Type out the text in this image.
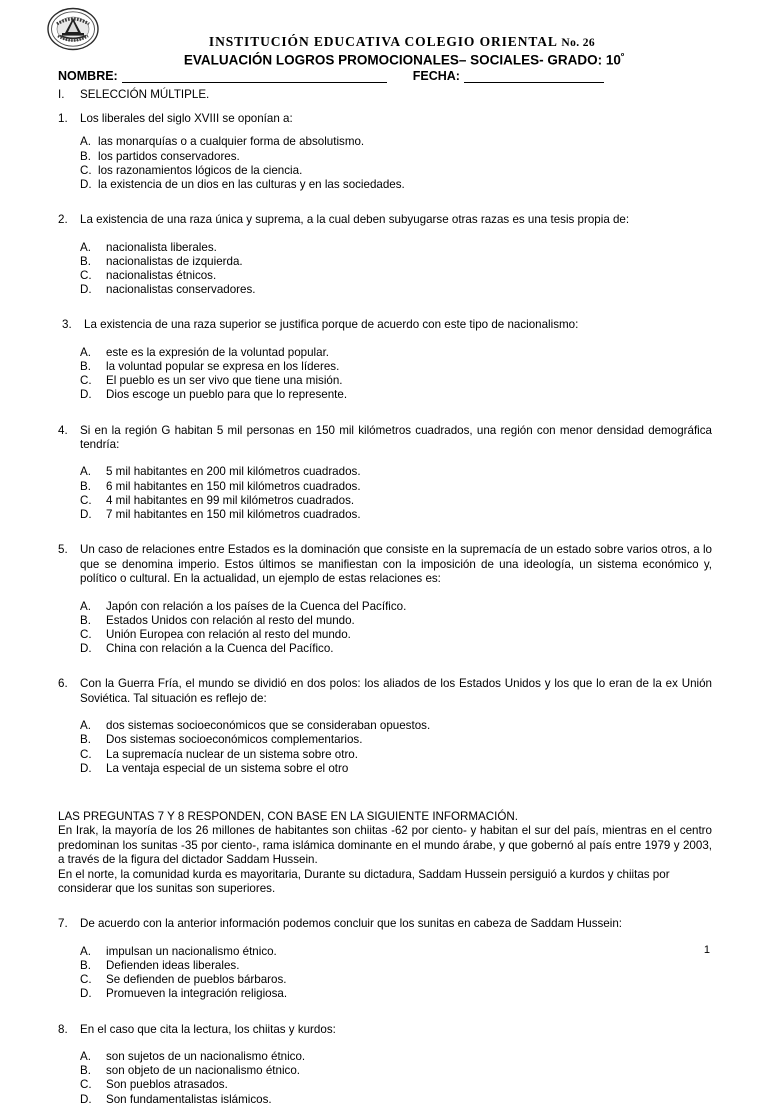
INSTITUCIÓN EDUCATIVA COLEGIO ORIENTAL No. 26
EVALUACIÓN LOGROS PROMOCIONALES– SOCIALES- GRADO: $10^º$
NOMBRE:	FECHA:
I.	SELECCIÓN MÚLTIPLE.
1.	Los liberales del siglo XVIII se oponían a:
A. las monarquías o a cualquier forma de absolutismo.
B. los partidos conservadores.
C. los razonamientos lógicos de la ciencia.
D. la existencia de un dios en las culturas y en las sociedades.
2.	La existencia de una raza única y suprema, a la cual deben subyugarse otras razas es una tesis propia de:
A.	nacionalista liberales.
B.	nacionalistas de izquierda.
C.	nacionalistas étnicos.
D.	nacionalistas conservadores.
3.	La existencia de una raza superior se justifica porque de acuerdo con este tipo de nacionalismo:
A.	este es la expresión de la voluntad popular.
B.	la voluntad popular se expresa en los líderes.
C.	El pueblo es un ser vivo que tiene una misión.
D.	Dios escoge un pueblo para que lo represente.
4.	Si en la región G habitan 5 mil personas en 150 mil kilómetros cuadrados, una región con menor densidad demográfica tendría:
A.	5 mil habitantes en 200 mil kilómetros cuadrados.
B.	6 mil habitantes en 150 mil kilómetros cuadrados.
C.	4 mil habitantes en 99 mil kilómetros cuadrados.
D.	7 mil habitantes en 150 mil kilómetros cuadrados.
5.	Un caso de relaciones entre Estados es la dominación que consiste en la supremacía de un estado sobre varios otros, a lo que se denomina imperio. Estos últimos se manifiestan con la imposición de una ideología, un sistema económico y, político o cultural. En la actualidad, un ejemplo de estas relaciones es:
A.	Japón con relación a los países de la Cuenca del Pacífico.
B.	Estados Unidos con relación al resto del mundo.
C.	Unión Europea con relación al resto del mundo.
D.	China con relación a la Cuenca del Pacífico.
6.	Con la Guerra Fría, el mundo se dividió en dos polos: los aliados de los Estados Unidos y los que lo eran de la ex Unión Soviética. Tal situación es reflejo de:
A.	dos sistemas socioeconómicos que se consideraban opuestos.
B.	Dos sistemas socioeconómicos complementarios.
C.	La supremacía nuclear de un sistema sobre otro.
D.	La ventaja especial de un sistema sobre el otro

LAS PREGUNTAS 7 Y 8 RESPONDEN, CON BASE EN LA SIGUIENTE INFORMACIÓN.

En Irak, la mayoría de los 26 millones de habitantes son chiitas -62 por ciento- y habitan el sur del país, mientras en el centro predominan los sunitas -35 por ciento-, rama islámica dominante en el mundo árabe, y que gobernó al país entre 1979 y 2003, a través de la figura del dictador Saddam Hussein.

En el norte, la comunidad kurda es mayoritaria, Durante su dictadura, Saddam Hussein persiguió a kurdos y chiitas por considerar que los sunitas son superiores.

7.	De acuerdo con la anterior información podemos concluir que los sunitas en cabeza de Saddam Hussein:
A.	impulsan un nacionalismo étnico.
B.	Defienden ideas liberales.
C.	Se defienden de pueblos bárbaros.
D.	Promueven la integración religiosa.
8.	En el caso que cita la lectura, los chiitas y kurdos:
A.	son sujetos de un nacionalismo étnico.
B.	son objeto de un nacionalismo étnico.
C.	Son pueblos atrasados.
D.	Son fundamentalistas islámicos.
1
